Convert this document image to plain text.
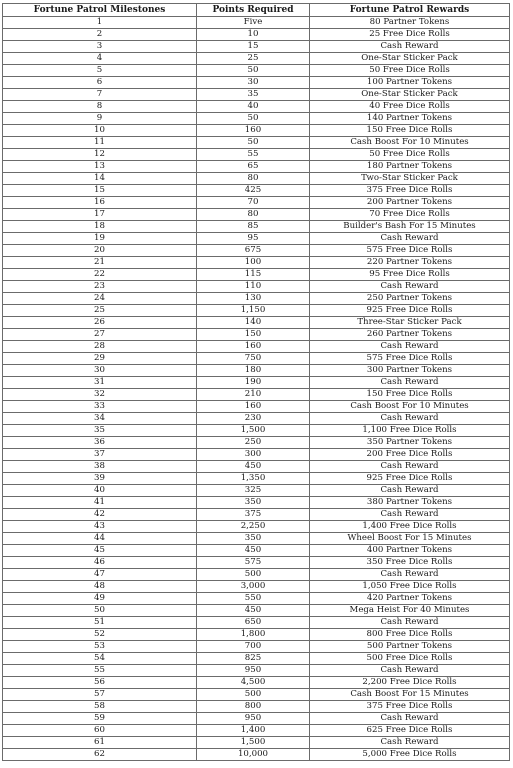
Fortune Patrol Milestones	Points Required	Fortune Patrol Rewards
1	Five	80 Partner Tokens
2	10	25 Free Dice Rolls
3	15	Cash Reward
4	25	One-Star Sticker Pack
5	50	50 Free Dice Rolls
6	30	100 Partner Tokens
7	35	One-Star Sticker Pack
8	40	40 Free Dice Rolls
9	50	140 Partner Tokens
10	160	150 Free Dice Rolls
11	50	Cash Boost For 10 Minutes
12	55	50 Free Dice Rolls
13	65	180 Partner Tokens
14	80	Two-Star Sticker Pack
15	425	375 Free Dice Rolls
16	70	200 Partner Tokens
17	80	70 Free Dice Rolls
18	85	Builder's Bash For 15 Minutes
19	95	Cash Reward
20	675	575 Free Dice Rolls
21	100	220 Partner Tokens
22	115	95 Free Dice Rolls
23	110	Cash Reward
24	130	250 Partner Tokens
25	1,150	925 Free Dice Rolls
26	140	Three-Star Sticker Pack
27	150	260 Partner Tokens
28	160	Cash Reward
29	750	575 Free Dice Rolls
30	180	300 Partner Tokens
31	190	Cash Reward
32	210	150 Free Dice Rolls
33	160	Cash Boost For 10 Minutes
34	230	Cash Reward
35	1,500	1,100 Free Dice Rolls
36	250	350 Partner Tokens
37	300	200 Free Dice Rolls
38	450	Cash Reward
39	1,350	925 Free Dice Rolls
40	325	Cash Reward
41	350	380 Partner Tokens
42	375	Cash Reward
43	2,250	1,400 Free Dice Rolls
44	350	Wheel Boost For 15 Minutes
45	450	400 Partner Tokens
46	575	350 Free Dice Rolls
47	500	Cash Reward
48	3,000	1,050 Free Dice Rolls
49	550	420 Partner Tokens
50	450	Mega Heist For 40 Minutes
51	650	Cash Reward
52	1,800	800 Free Dice Rolls
53	700	500 Partner Tokens
54	825	500 Free Dice Rolls
55	950	Cash Reward
56	4,500	2,200 Free Dice Rolls
57	500	Cash Boost For 15 Minutes
58	800	375 Free Dice Rolls
59	950	Cash Reward
60	1,400	625 Free Dice Rolls
61	1,500	Cash Reward
62	10,000	5,000 Free Dice Rolls
